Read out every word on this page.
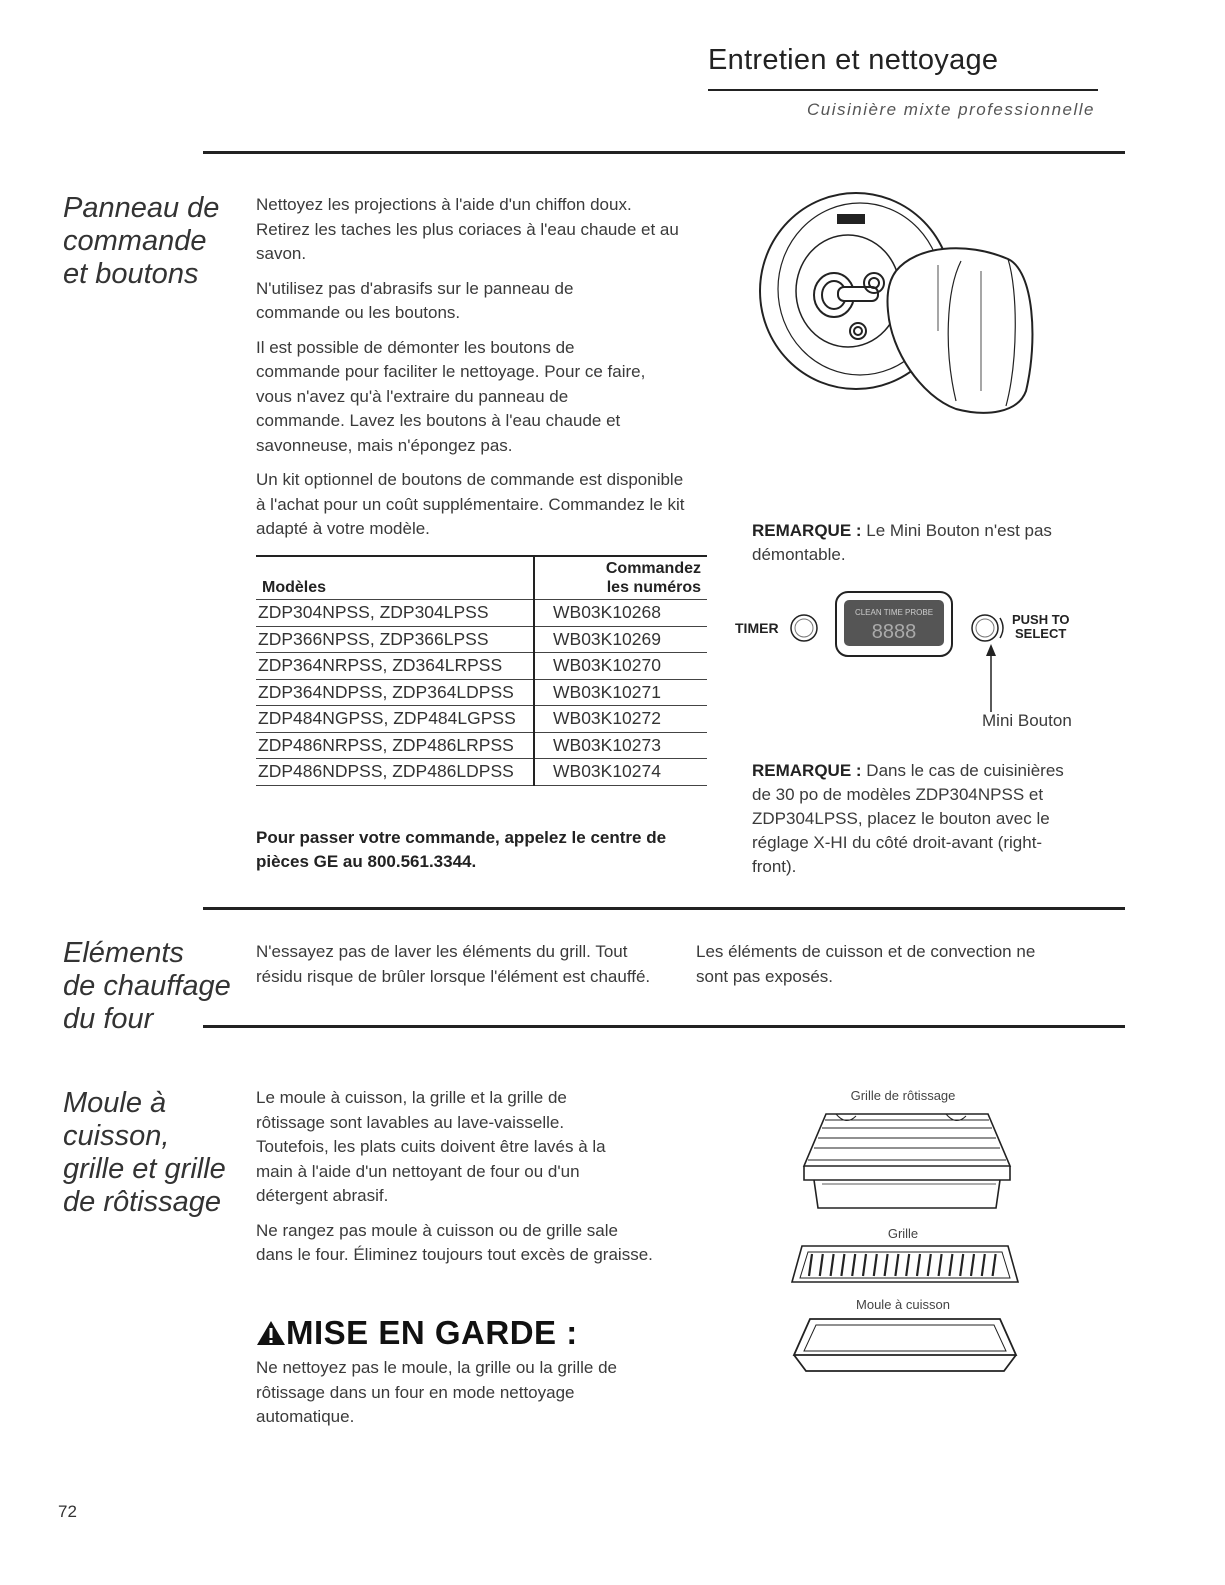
Entretien et nettoyage
Cuisinière mixte professionnelle
Panneau de
commande
et boutons

Nettoyez les projections à l'aide d'un chiffon doux. Retirez les taches les plus coriaces à l'eau chaude et au savon.

N'utilisez pas d'abrasifs sur le panneau de commande ou les boutons.

Il est possible de démonter les boutons de commande pour faciliter le nettoyage. Pour ce faire, vous n'avez qu'à l'extraire du panneau de commande. Lavez les boutons à l'eau chaude et savonneuse, mais n'épongez pas.

Un kit optionnel de boutons de commande est disponible à l'achat pour un coût supplémentaire. Commandez le kit adapté à votre modèle.

Modèles	Commandez
les numéros
ZDP304NPSS, ZDP304LPSS	WB03K10268
ZDP366NPSS, ZDP366LPSS	WB03K10269
ZDP364NRPSS, ZD364LRPSS	WB03K10270
ZDP364NDPSS, ZDP364LDPSS	WB03K10271
ZDP484NGPSS, ZDP484LGPSS	WB03K10272
ZDP486NRPSS, ZDP486LRPSS	WB03K10273
ZDP486NDPSS, ZDP486LDPSS	WB03K10274
Pour passer votre commande, appelez le centre de pièces GE au 800.561.3344.
REMARQUE : Le Mini Bouton n'est pas démontable.
TIMER
CLEAN TIME PROBE
8888
PUSH TO
SELECT
Mini Bouton
REMARQUE : Dans le cas de cuisinières de 30 po de modèles ZDP304NPSS et ZDP304LPSS, placez le bouton avec le réglage X-HI du côté droit-avant (right-front).
Eléments
de chauffage
du four
N'essayez pas de laver les éléments du grill. Tout résidu risque de brûler lorsque l'élément est chauffé.
Les éléments de cuisson et de convection ne sont pas exposés.
Moule à
cuisson,
grille et grille
de rôtissage

Le moule à cuisson, la grille et la grille de rôtissage sont lavables au lave-vaisselle. Toutefois, les plats cuits doivent être lavés à la main à l'aide d'un nettoyant de four ou d'un détergent abrasif.

Ne rangez pas moule à cuisson ou de grille sale dans le four. Éliminez toujours tout excès de graisse.

MISE EN GARDE :
Ne nettoyez pas le moule, la grille ou la grille de rôtissage dans un four en mode nettoyage automatique.
Grille de rôtissage
Grille
Moule à cuisson
72
